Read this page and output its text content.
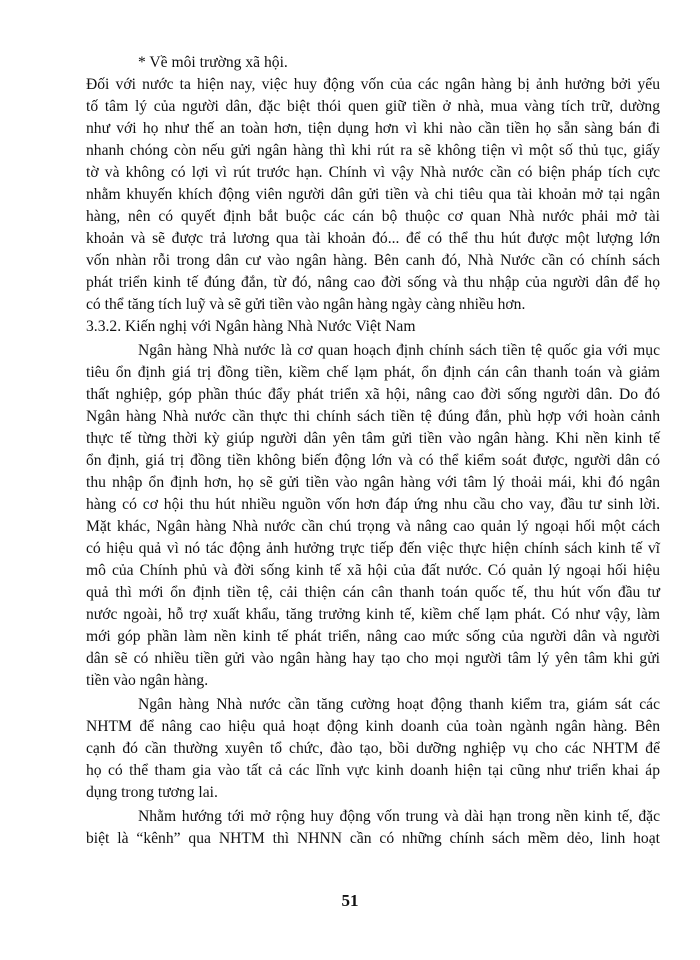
* Về môi trường xã hội.
Đối với nước ta hiện nay, việc huy động vốn của các ngân hàng bị ảnh hưởng bởi yếu
tố tâm lý của người dân, đặc biệt thói quen giữ tiền ở nhà, mua vàng tích trữ, dường
như với họ như thế an toàn hơn, tiện dụng hơn vì khi nào cần tiền họ sẵn sàng bán đi
nhanh chóng còn nếu gửi ngân hàng thì khi rút ra sẽ không tiện vì một số thủ tục, giấy
tờ và không có lợi vì rút trước hạn. Chính vì vậy Nhà nước cần có biện pháp tích cực
nhằm khuyến khích động viên người dân gửi tiền và chi tiêu qua tài khoản mở tại ngân
hàng, nên có quyết định bắt buộc các cán bộ thuộc cơ quan Nhà nước phải mở tài
khoản và sẽ được trả lương qua tài khoản đó... để có thể thu hút được một lượng lớn
vốn nhàn rỗi trong dân cư vào ngân hàng. Bên canh đó, Nhà Nước cần có chính sách
phát triển kinh tế đúng đắn, từ đó, nâng cao đời sống và thu nhập của người dân để họ
có thể tăng tích luỹ và sẽ gửi tiền vào ngân hàng ngày càng nhiều hơn.
3.3.2. Kiến nghị với Ngân hàng Nhà Nước Việt Nam
Ngân hàng Nhà nước là cơ quan hoạch định chính sách tiền tệ quốc gia với mục
tiêu ổn định giá trị đồng tiền, kiềm chế lạm phát, ổn định cán cân thanh toán và giảm
thất nghiệp, góp phần thúc đẩy phát triển xã hội, nâng cao đời sống người dân. Do đó
Ngân hàng Nhà nước cần thực thi chính sách tiền tệ đúng đắn, phù hợp với hoàn cảnh
thực tế từng thời kỳ giúp người dân yên tâm gửi tiền vào ngân hàng. Khi nền kinh tế
ổn định, giá trị đồng tiền không biến động lớn và có thể kiểm soát được, người dân có
thu nhập ổn định hơn, họ sẽ gửi tiền vào ngân hàng với tâm lý thoải mái, khi đó ngân
hàng có cơ hội thu hút nhiều nguồn vốn hơn đáp ứng nhu cầu cho vay, đầu tư sinh lời.
Mặt khác, Ngân hàng Nhà nước cần chú trọng và nâng cao quản lý ngoại hối một cách
có hiệu quả vì nó tác động ảnh hưởng trực tiếp đến việc thực hiện chính sách kinh tế vĩ
mô của Chính phủ và đời sống kinh tế xã hội của đất nước. Có quản lý ngoại hối hiệu
quả thì mới ổn định tiền tệ, cải thiện cán cân thanh toán quốc tế, thu hút vốn đầu tư
nước ngoài, hỗ trợ xuất khẩu, tăng trưởng kinh tế, kiềm chế lạm phát. Có như vậy, làm
mới góp phần làm nền kinh tế phát triển, nâng cao mức sống của người dân và người
dân sẽ có nhiều tiền gửi vào ngân hàng hay tạo cho mọi người tâm lý yên tâm khi gửi
tiền vào ngân hàng.
Ngân hàng Nhà nước cần tăng cường hoạt động thanh kiểm tra, giám sát các
NHTM để nâng cao hiệu quả hoạt động kinh doanh của toàn ngành ngân hàng. Bên
cạnh đó cần thường xuyên tổ chức, đào tạo, bồi dưỡng nghiệp vụ cho các NHTM để
họ có thể tham gia vào tất cả các lĩnh vực kinh doanh hiện tại cũng như triển khai áp
dụng trong tương lai.
Nhằm hướng tới mở rộng huy động vốn trung và dài hạn trong nền kinh tế, đặc
biệt là “kênh” qua NHTM thì NHNN cần có những chính sách mềm dẻo, linh hoạt
51
